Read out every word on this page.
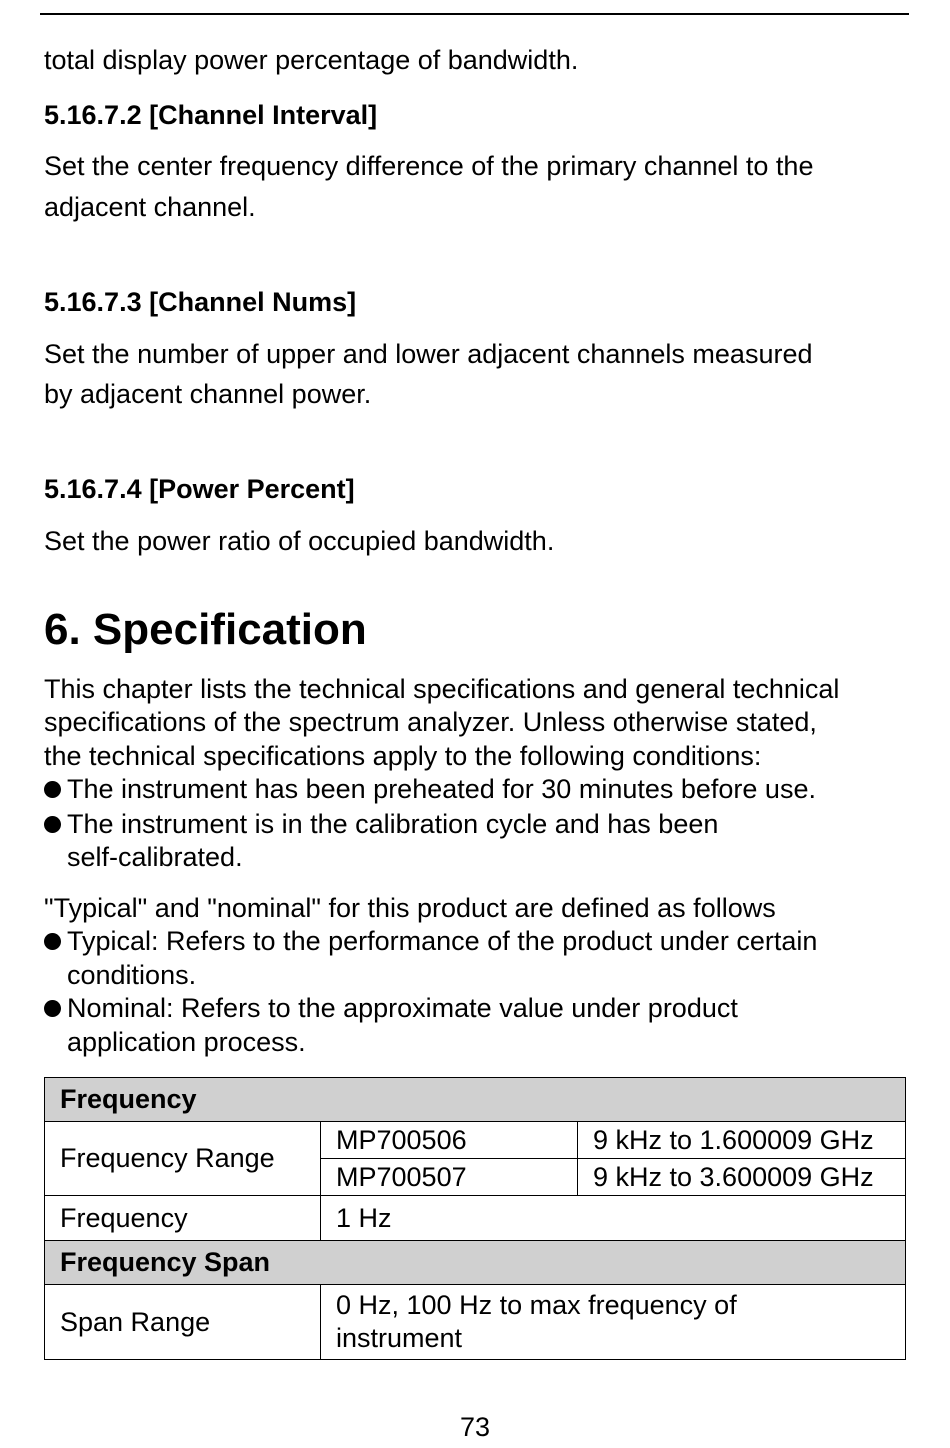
total display power percentage of bandwidth.

5.16.7.2 [Channel Interval]

Set the center frequency difference of the primary channel to the

adjacent channel.

5.16.7.3 [Channel Nums]

Set the number of upper and lower adjacent channels measured

by adjacent channel power.

5.16.7.4 [Power Percent]

Set the power ratio of occupied bandwidth.

6. Specification

This chapter lists the technical specifications and general technical

specifications of the spectrum analyzer. Unless otherwise stated,

the technical specifications apply to the following conditions:

The instrument has been preheated for 30 minutes before use.
The instrument is in the calibration cycle and has been
self-calibrated.

"Typical" and "nominal" for this product are defined as follows

Typical: Refers to the performance of the product under certain
conditions.
Nominal: Refers to the approximate value under product
application process.
Frequency		
Frequency Range	MP700506	9 kHz to 1.600009 GHz
	MP700507	9 kHz to 3.600009 GHz
Frequency	1 Hz	
Frequency Span		
Span Range	0 Hz, 100 Hz to max frequency of
instrument	
73
